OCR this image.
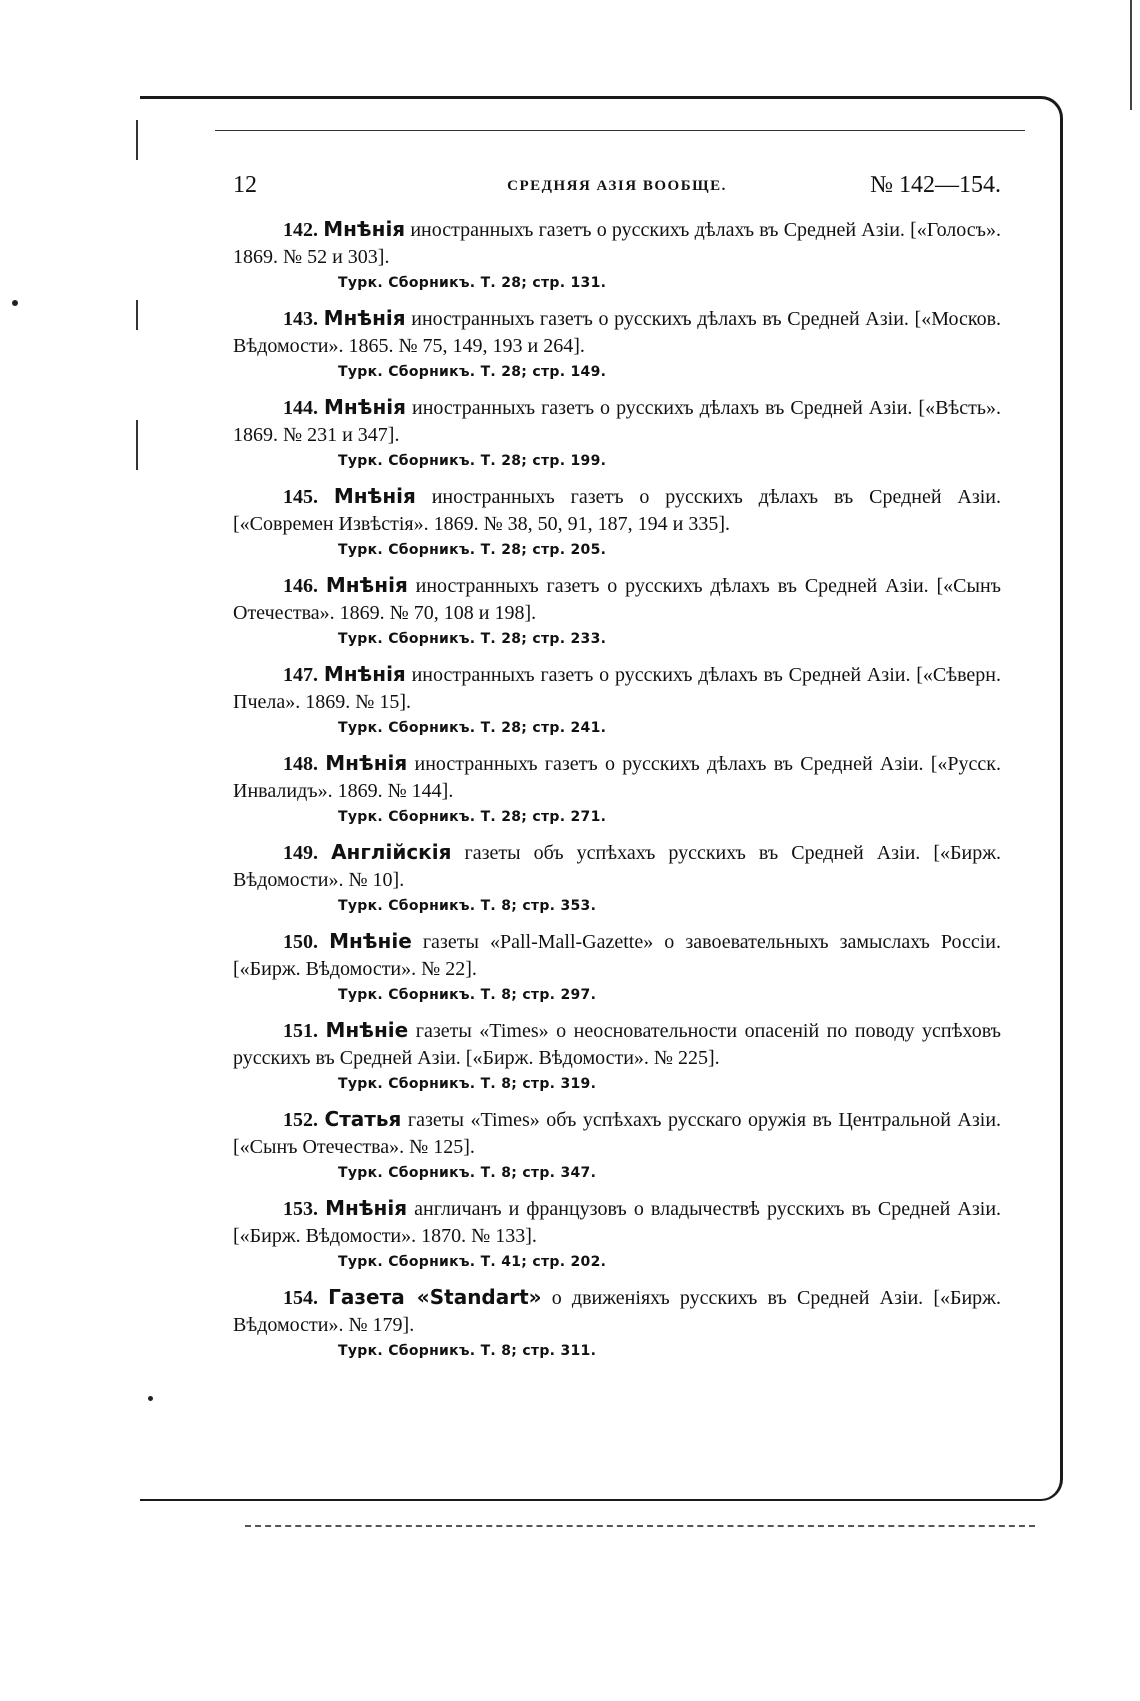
12	СРЕДНЯЯ АЗІЯ ВООБЩЕ.	№ 142—154.
142. Мнѣнія иностранныхъ газетъ о русскихъ дѣлахъ въ Средней Азіи. [«Голосъ». 1869. № 52 и 303].
Турк. Сборникъ. Т. 28; стр. 131.
143. Мнѣнія иностранныхъ газетъ о русскихъ дѣлахъ въ Средней Азіи. [«Москов. Вѣдомости». 1865. № 75, 149, 193 и 264].
Турк. Сборникъ. Т. 28; стр. 149.
144. Мнѣнія иностранныхъ газетъ о русскихъ дѣлахъ въ Средней Азіи. [«Вѣсть». 1869. № 231 и 347].
Турк. Сборникъ. Т. 28; стр. 199.
145. Мнѣнія иностранныхъ газетъ о русскихъ дѣлахъ въ Средней Азіи. [«Современ Извѣстія». 1869. № 38, 50, 91, 187, 194 и 335].
Турк. Сборникъ. Т. 28; стр. 205.
146. Мнѣнія иностранныхъ газетъ о русскихъ дѣлахъ въ Средней Азіи. [«Сынъ Отечества». 1869. № 70, 108 и 198].
Турк. Сборникъ. Т. 28; стр. 233.
147. Мнѣнія иностранныхъ газетъ о русскихъ дѣлахъ въ Средней Азіи. [«Сѣверн. Пчела». 1869. № 15].
Турк. Сборникъ. Т. 28; стр. 241.
148. Мнѣнія иностранныхъ газетъ о русскихъ дѣлахъ въ Средней Азіи. [«Русск. Инвалидъ». 1869. № 144].
Турк. Сборникъ. Т. 28; стр. 271.
149. Англійскія газеты объ успѣхахъ русскихъ въ Средней Азіи. [«Бирж. Вѣдомости». № 10].
Турк. Сборникъ. Т. 8; стр. 353.
150. Мнѣніе газеты «Pall-Mall-Gazette» о завоевательныхъ замыслахъ Россіи. [«Бирж. Вѣдомости». № 22].
Турк. Сборникъ. Т. 8; стр. 297.
151. Мнѣніе газеты «Times» о неосновательности опасеній по поводу успѣховъ русскихъ въ Средней Азіи. [«Бирж. Вѣдомости». № 225].
Турк. Сборникъ. Т. 8; стр. 319.
152. Статья газеты «Times» объ успѣхахъ русскаго оружія въ Центральной Азіи. [«Сынъ Отечества». № 125].
Турк. Сборникъ. Т. 8; стр. 347.
153. Мнѣнія англичанъ и французовъ о владычествѣ русскихъ въ Средней Азіи. [«Бирж. Вѣдомости». 1870. № 133].
Турк. Сборникъ. Т. 41; стр. 202.
154. Газета «Standart» о движеніяхъ русскихъ въ Средней Азіи. [«Бирж. Вѣдомости». № 179].
Турк. Сборникъ. Т. 8; стр. 311.
